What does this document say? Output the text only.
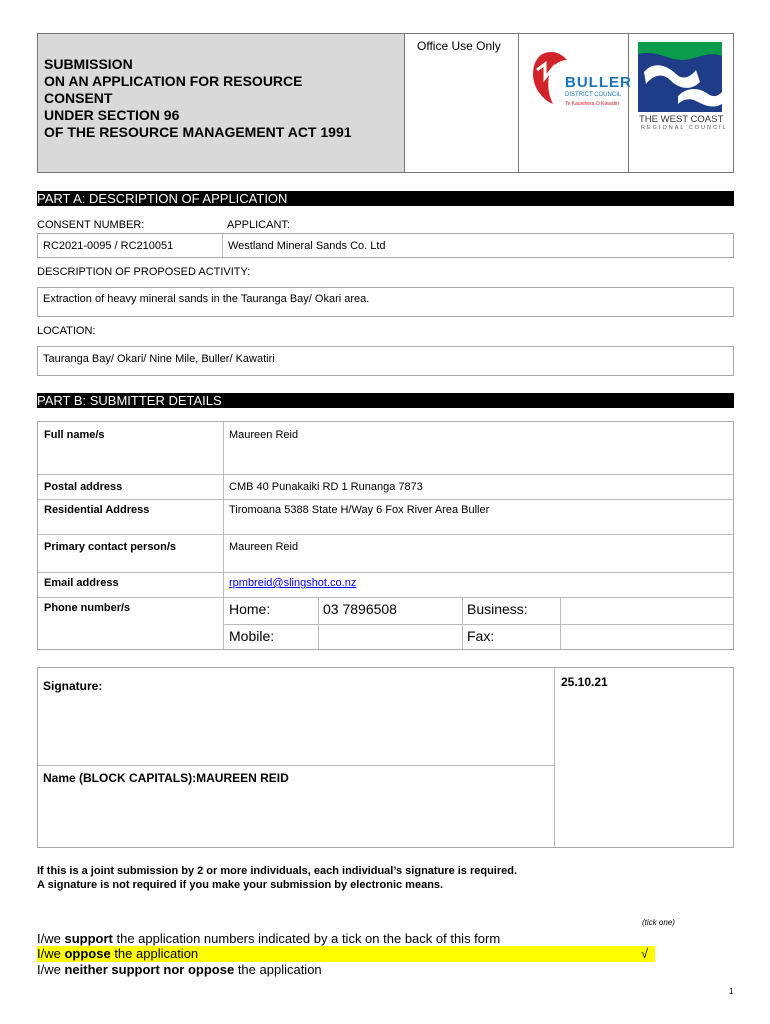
SUBMISSION
ON AN APPLICATION FOR RESOURCE
CONSENT
UNDER SECTION 96
OF THE RESOURCE MANAGEMENT ACT 1991
Office Use Only
BULLER
DISTRICT COUNCIL
Te Kaunihera O Kawatiri
THE WEST COAST
REGIONAL COUNCIL
PART A: DESCRIPTION OF APPLICATION
CONSENT NUMBER:	APPLICANT:
RC2021-0095 / RC210051	Westland Mineral Sands Co. Ltd
DESCRIPTION OF PROPOSED ACTIVITY:
Extraction of heavy mineral sands in the Tauranga Bay/ Okari area.
LOCATION:
Tauranga Bay/ Okari/ Nine Mile, Buller/ Kawatiri
PART B: SUBMITTER DETAILS
Full name/s	Maureen Reid
Postal address	CMB 40 Punakaiki RD 1 Runanga 7873
Residential Address	Tiromoana 5388 State H/Way 6 Fox River Area Buller
Primary contact person/s	Maureen Reid
Email address	rpmbreid@slingshot.co.nz
Phone number/s	Home:	03 7896508	Business:
Mobile:	Fax:
Signature:	25.10.21
Name (BLOCK CAPITALS):MAUREEN REID
If this is a joint submission by 2 or more individuals, each individual’s signature is required.
A signature is not required if you make your submission by electronic means.
(tick one)
I/we support the application numbers indicated by a tick on the back of this form
I/we oppose the application	√
I/we neither support nor oppose the application
1
